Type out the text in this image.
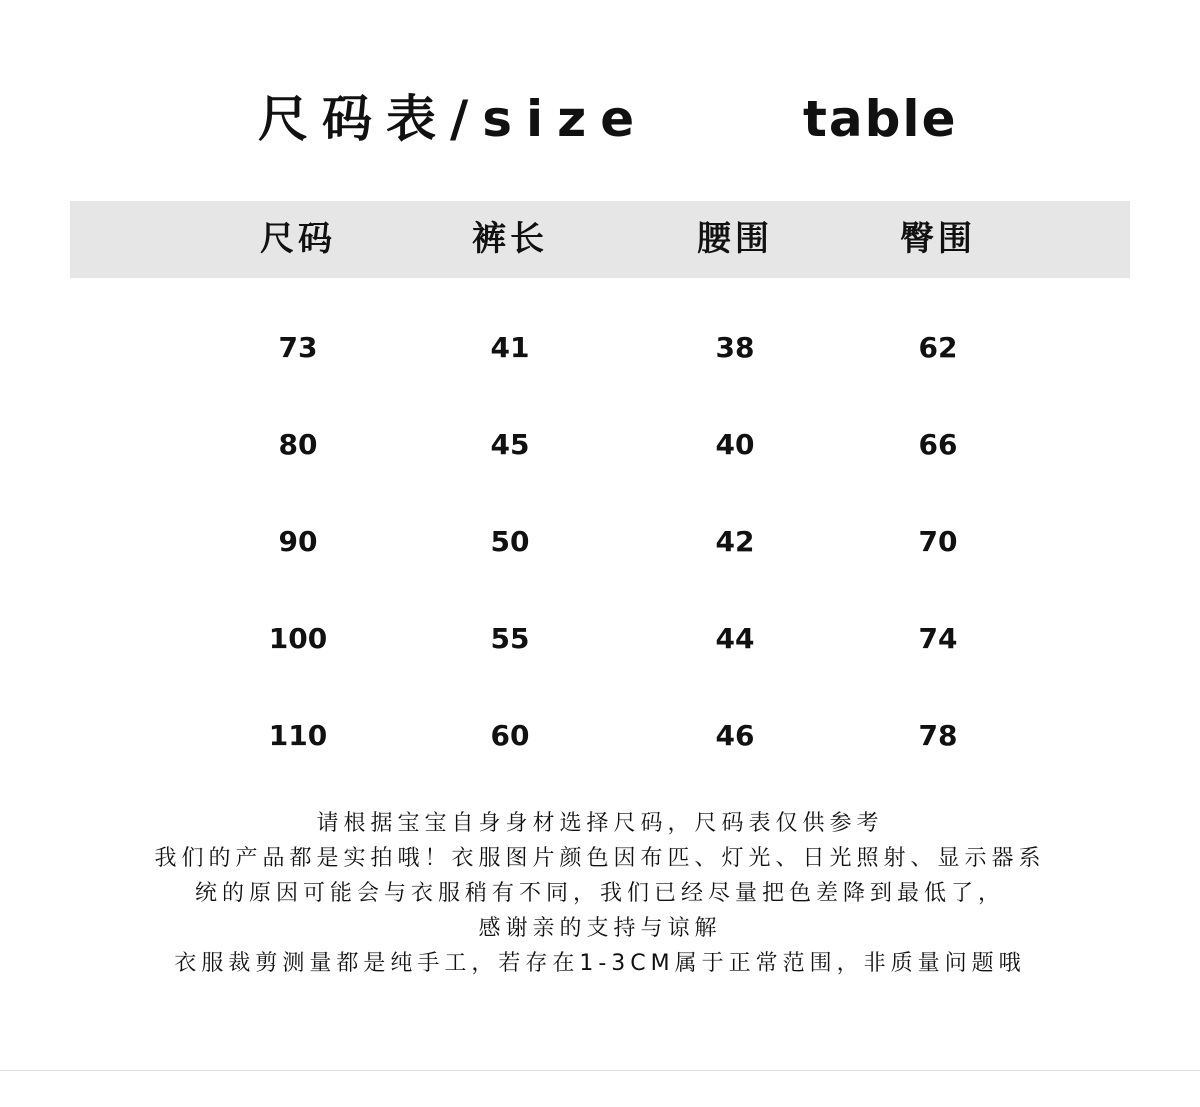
尺码表/size	table
尺码	裤长	腰围	臀围
73	41	38	62
80	45	40	66
90	50	42	70
100	55	44	74
110	60	46	78
请根据宝宝自身身材选择尺码，尺码表仅供参考
我们的产品都是实拍哦！衣服图片颜色因布匹、灯光、日光照射、显示器系
统的原因可能会与衣服稍有不同，我们已经尽量把色差降到最低了，
感谢亲的支持与谅解
衣服裁剪测量都是纯手工，若存在1-3CM属于正常范围，非质量问题哦
